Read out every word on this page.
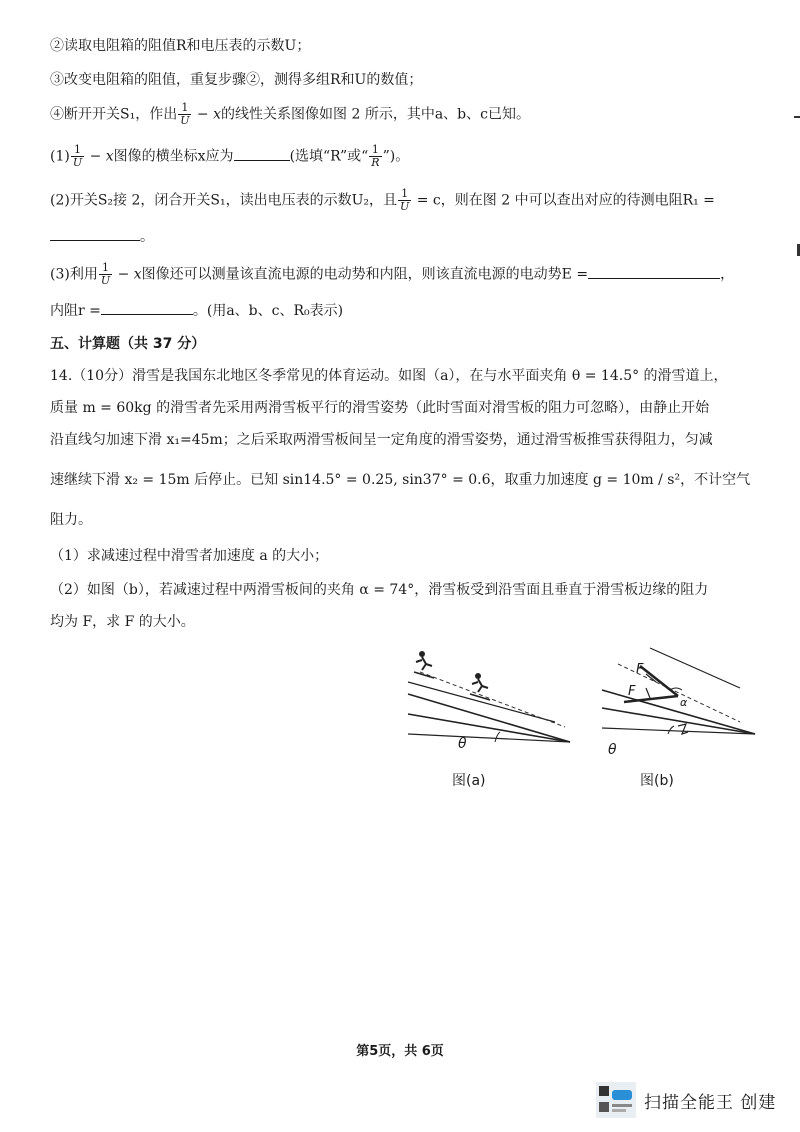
②读取电阻箱的阻值R和电压表的示数U；
③改变电阻箱的阻值，重复步骤②，测得多组R和U的数值；
④断开开关S₁，作出 $\frac{1}{U} - x$的线性关系图像如图 2 所示，其中a、b、c已知。
$(1) \frac{1}{U} - x$图像的横坐标x应为	(选填“R”或“ $\frac{1}{R}$ ”)。
(2)开关S₂接 2，闭合开关S₁，读出电压表的示数U₂，且 $\frac{1}{U} = c$，则在图 2 中可以查出对应的待测电阻R₁ =
。
(3)利用 $\frac{1}{U} - x$图像还可以测量该直流电源的电动势和内阻，则该直流电源的电动势E =	，
内阻r =	。(用a、b、c、R₀表示)
五、计算题（共 37 分）
14.（10分）滑雪是我国东北地区冬季常见的体育运动。如图（a），在与水平面夹角 θ = 14.5° 的滑雪道上，
质量 m = 60kg 的滑雪者先采用两滑雪板平行的滑雪姿势（此时雪面对滑雪板的阻力可忽略），由静止开始
沿直线匀加速下滑 x₁=45m；之后采取两滑雪板间呈一定角度的滑雪姿势，通过滑雪板推雪获得阻力，匀减
速继续下滑 x₂ = 15m 后停止。已知 sin14.5° = 0.25, sin37° = 0.6，取重力加速度 g = 10m / s²，不计空气
阻力。
（1）求减速过程中滑雪者加速度 a 的大小；
（2）如图（b），若减速过程中两滑雪板间的夹角 α = 74°，滑雪板受到沿雪面且垂直于滑雪板边缘的阻力
均为 F，求 F 的大小。
θ
图(a)
F
F
α
θ
图(b)
第5页，共 6页
扫描全能王 创建
